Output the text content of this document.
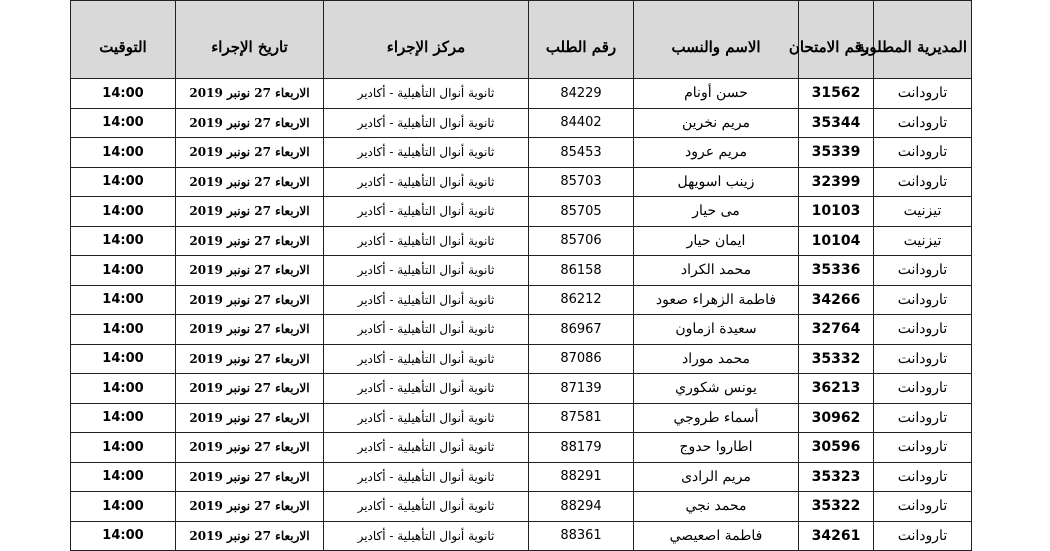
المديرية المطلوبة	رقم الامتحان	الاسم والنسب	رقم الطلب	مركز الإجراء	تاريخ الإجراء	التوقيت
تارودانت	31562	حسن أونام	84229	ثانوية أنوال التأهيلية - أكادير	الاربعاء 27 نونبر 2019	14:00
تارودانت	35344	مريم نخرين	84402	ثانوية أنوال التأهيلية - أكادير	الاربعاء 27 نونبر 2019	14:00
تارودانت	35339	مريم عرود	85453	ثانوية أنوال التأهيلية - أكادير	الاربعاء 27 نونبر 2019	14:00
تارودانت	32399	زينب اسويهل	85703	ثانوية أنوال التأهيلية - أكادير	الاربعاء 27 نونبر 2019	14:00
تيزنيت	10103	مى حيار	85705	ثانوية أنوال التأهيلية - أكادير	الاربعاء 27 نونبر 2019	14:00
تيزنيت	10104	ايمان حيار	85706	ثانوية أنوال التأهيلية - أكادير	الاربعاء 27 نونبر 2019	14:00
تارودانت	35336	محمد الكراد	86158	ثانوية أنوال التأهيلية - أكادير	الاربعاء 27 نونبر 2019	14:00
تارودانت	34266	فاطمة الزهراء صعود	86212	ثانوية أنوال التأهيلية - أكادير	الاربعاء 27 نونبر 2019	14:00
تارودانت	32764	سعيدة ازماون	86967	ثانوية أنوال التأهيلية - أكادير	الاربعاء 27 نونبر 2019	14:00
تارودانت	35332	محمد موراد	87086	ثانوية أنوال التأهيلية - أكادير	الاربعاء 27 نونبر 2019	14:00
تارودانت	36213	يونس شكوري	87139	ثانوية أنوال التأهيلية - أكادير	الاربعاء 27 نونبر 2019	14:00
تارودانت	30962	أسماء طروجي	87581	ثانوية أنوال التأهيلية - أكادير	الاربعاء 27 نونبر 2019	14:00
تارودانت	30596	اطاروا حدوج	88179	ثانوية أنوال التأهيلية - أكادير	الاربعاء 27 نونبر 2019	14:00
تارودانت	35323	مريم الرادى	88291	ثانوية أنوال التأهيلية - أكادير	الاربعاء 27 نونبر 2019	14:00
تارودانت	35322	محمد نجي	88294	ثانوية أنوال التأهيلية - أكادير	الاربعاء 27 نونبر 2019	14:00
تارودانت	34261	فاطمة اصعيصي	88361	ثانوية أنوال التأهيلية - أكادير	الاربعاء 27 نونبر 2019	14:00
